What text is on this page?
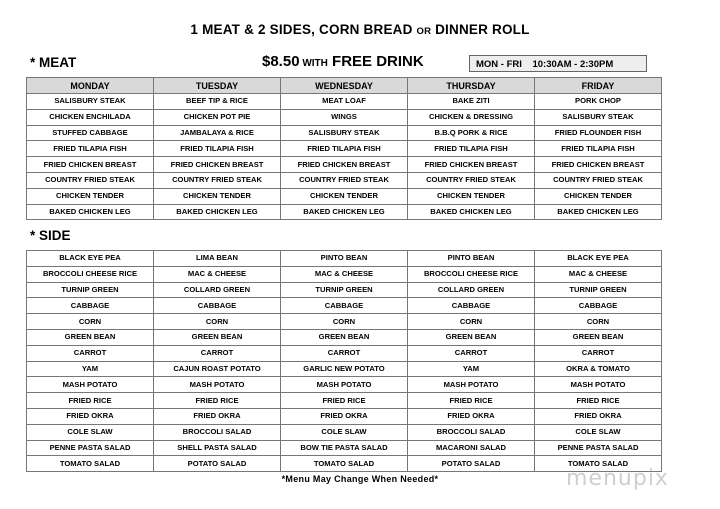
1 MEAT & 2 SIDES, CORN BREAD OR DINNER ROLL
* MEAT	$8.50 WITH FREE DRINK	MON - FRI    10:30AM - 2:30PM
MONDAY	TUESDAY	WEDNESDAY	THURSDAY	FRIDAY
SALISBURY STEAK	BEEF TIP & RICE	MEAT LOAF	BAKE ZITI	PORK CHOP
CHICKEN ENCHILADA	CHICKEN POT PIE	WINGS	CHICKEN & DRESSING	SALISBURY STEAK
STUFFED CABBAGE	JAMBALAYA & RICE	SALISBURY STEAK	B.B.Q PORK & RICE	FRIED FLOUNDER FISH
FRIED TILAPIA FISH	FRIED TILAPIA FISH	FRIED TILAPIA FISH	FRIED TILAPIA FISH	FRIED TILAPIA FISH
FRIED CHICKEN BREAST	FRIED CHICKEN BREAST	FRIED CHICKEN BREAST	FRIED CHICKEN BREAST	FRIED CHICKEN BREAST
COUNTRY FRIED STEAK	COUNTRY FRIED STEAK	COUNTRY FRIED STEAK	COUNTRY FRIED STEAK	COUNTRY FRIED STEAK
CHICKEN TENDER	CHICKEN TENDER	CHICKEN TENDER	CHICKEN TENDER	CHICKEN TENDER
BAKED CHICKEN LEG	BAKED CHICKEN LEG	BAKED CHICKEN LEG	BAKED CHICKEN LEG	BAKED CHICKEN LEG
* SIDE
BLACK EYE PEA	LIMA BEAN	PINTO BEAN	PINTO BEAN	BLACK EYE PEA
BROCCOLI CHEESE RICE	MAC & CHEESE	MAC & CHEESE	BROCCOLI CHEESE RICE	MAC & CHEESE
TURNIP GREEN	COLLARD GREEN	TURNIP GREEN	COLLARD GREEN	TURNIP GREEN
CABBAGE	CABBAGE	CABBAGE	CABBAGE	CABBAGE
CORN	CORN	CORN	CORN	CORN
GREEN BEAN	GREEN BEAN	GREEN BEAN	GREEN BEAN	GREEN BEAN
CARROT	CARROT	CARROT	CARROT	CARROT
YAM	CAJUN ROAST POTATO	GARLIC NEW POTATO	YAM	OKRA & TOMATO
MASH POTATO	MASH POTATO	MASH POTATO	MASH POTATO	MASH POTATO
FRIED RICE	FRIED RICE	FRIED RICE	FRIED RICE	FRIED RICE
FRIED OKRA	FRIED OKRA	FRIED OKRA	FRIED OKRA	FRIED OKRA
COLE SLAW	BROCCOLI SALAD	COLE SLAW	BROCCOLI SALAD	COLE SLAW
PENNE PASTA SALAD	SHELL PASTA SALAD	BOW TIE PASTA SALAD	MACARONI SALAD	PENNE PASTA SALAD
TOMATO SALAD	POTATO SALAD	TOMATO SALAD	POTATO SALAD	TOMATO SALAD
*Menu May Change When Needed*	menupix
